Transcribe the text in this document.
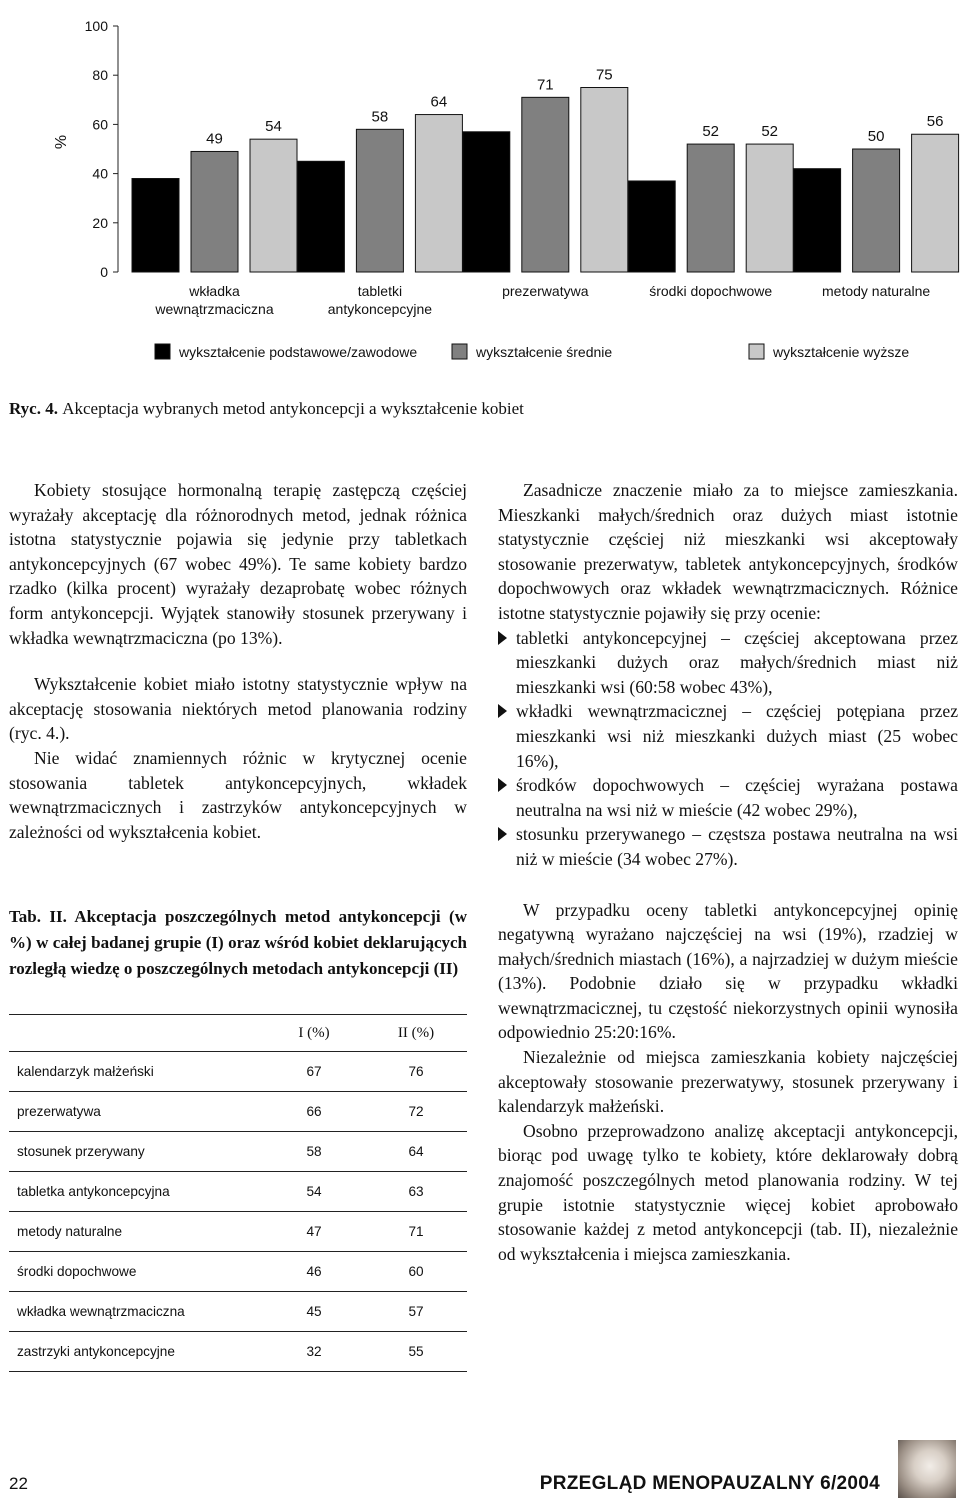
0
20
40
60
80
100
%	49
54
58
64
71
75
52	52	50
56
wkładka wewnątrzmaciczna
tabletki antykoncepcyjne
prezerwatywa	środki dopochwowe	metody naturalne
wykształcenie podstawowe/zawodowe	wykształcenie średnie	wykształcenie wyższe
Ryc. 4. Akceptacja wybranych metod antykoncepcji a wykształcenie kobiet

Kobiety stosujące hormonalną terapię zastępczą częściej wyrażały akceptację dla różnorodnych metod, jednak różnica istotna statystycznie pojawia się jedynie przy tabletkach antykoncepcyjnych (67 wobec 49%). Te same kobiety bardzo rzadko (kilka procent) wyrażały dezaprobatę wobec różnych form antykoncepcji. Wyjątek stanowiły stosunek przerywany i wkładka wewnątrzmaciczna (po 13%).

Wykształcenie kobiet miało istotny statystycznie wpływ na akceptację stosowania niektórych metod planowania rodziny (ryc. 4.).

Nie widać znamiennych różnic w krytycznej ocenie stosowania tabletek antykoncepcyjnych, wkładek wewnątrzmacicznych i zastrzyków antykoncepcyjnych w zależności od wykształcenia kobiet.

Tab. II. Akceptacja poszczególnych metod antykoncepcji (w %) w całej badanej grupie (I) oraz wśród kobiet deklarujących rozległą wiedzę o poszczególnych metodach antykoncepcji (II)
	I (%)	II (%)
kalendarzyk małżeński	67	76
prezerwatywa	66	72
stosunek przerywany	58	64
tabletka antykoncepcyjna	54	63
metody naturalne	47	71
środki dopochwowe	46	60
wkładka wewnątrzmaciczna	45	57
zastrzyki antykoncepcyjne	32	55

Zasadnicze znaczenie miało za to miejsce zamieszkania. Mieszkanki małych/średnich oraz dużych miast istotnie statystycznie częściej niż mieszkanki wsi akceptowały stosowanie prezerwatyw, tabletek antykoncepcyjnych, środków dopochwowych oraz wkładek wewnątrzmacicznych. Różnice istotne statystycznie pojawiły się przy ocenie:

tabletki antykoncepcyjnej – częściej akceptowana przez mieszkanki dużych oraz małych/średnich miast niż mieszkanki wsi (60:58 wobec 43%),
wkładki wewnątrzmacicznej – częściej potępiana przez mieszkanki wsi niż mieszkanki dużych miast (25 wobec 16%),
środków dopochwowych – częściej wyrażana postawa neutralna na wsi niż w mieście (42 wobec 29%),
stosunku przerywanego – częstsza postawa neutralna na wsi niż w mieście (34 wobec 27%).

W przypadku oceny tabletki antykoncepcyjnej opinię negatywną wyrażano najczęściej na wsi (19%), rzadziej w małych/średnich miastach (16%), a najrzadziej w dużym mieście (13%). Podobnie działo się w przypadku wkładki wewnątrzmacicznej, tu częstość niekorzystnych opinii wynosiła odpowiednio 25:20:16%.

Niezależnie od miejsca zamieszkania kobiety najczęściej akceptowały stosowanie prezerwatywy, stosunek przerywany i kalendarzyk małżeński.

Osobno przeprowadzono analizę akceptacji antykoncepcji, biorąc pod uwagę tylko te kobiety, które deklarowały dobrą znajomość poszczególnych metod planowania rodziny. W tej grupie istotnie statystycznie więcej kobiet aprobowało stosowanie każdej z metod antykoncepcji (tab. II), niezależnie od wykształcenia i miejsca zamieszkania.

22	PRZEGLĄD MENOPAUZALNY 6/2004
